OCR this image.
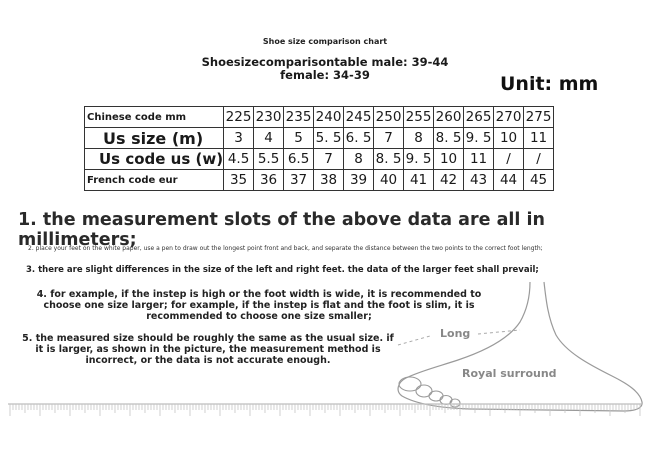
Shoe size comparison chart
Shoesizecomparisontable male: 39-44
female: 34-39	Unit: mm
Chinese code mm	225	230	235	240	245	250	255	260	265	270	275
Us size (m)	3	4	5	5. 5	6. 5	7	8	8. 5	9. 5	10	11
Us code us (w)	4.5	5.5	6.5	7	8	8. 5	9. 5	10	11	/	/
French code eur	35	36	37	38	39	40	41	42	43	44	45
1. the measurement slots of the above data are all in millimeters;
2. place your feet on the white paper, use a pen to draw out the longest point front and back, and separate the distance between the two points to the correct foot length;
3. there are slight differences in the size of the left and right feet. the data of the larger feet shall prevail;
4. for example, if the instep is high or the foot width is wide, it is recommended to choose one size larger; for example, if the instep is flat and the foot is slim, it is recommended to choose one size smaller;
5. the measured size should be roughly the same as the usual size. if it is larger, as shown in the picture, the measurement method is incorrect, or the data is not accurate enough.
Long
Royal surround
